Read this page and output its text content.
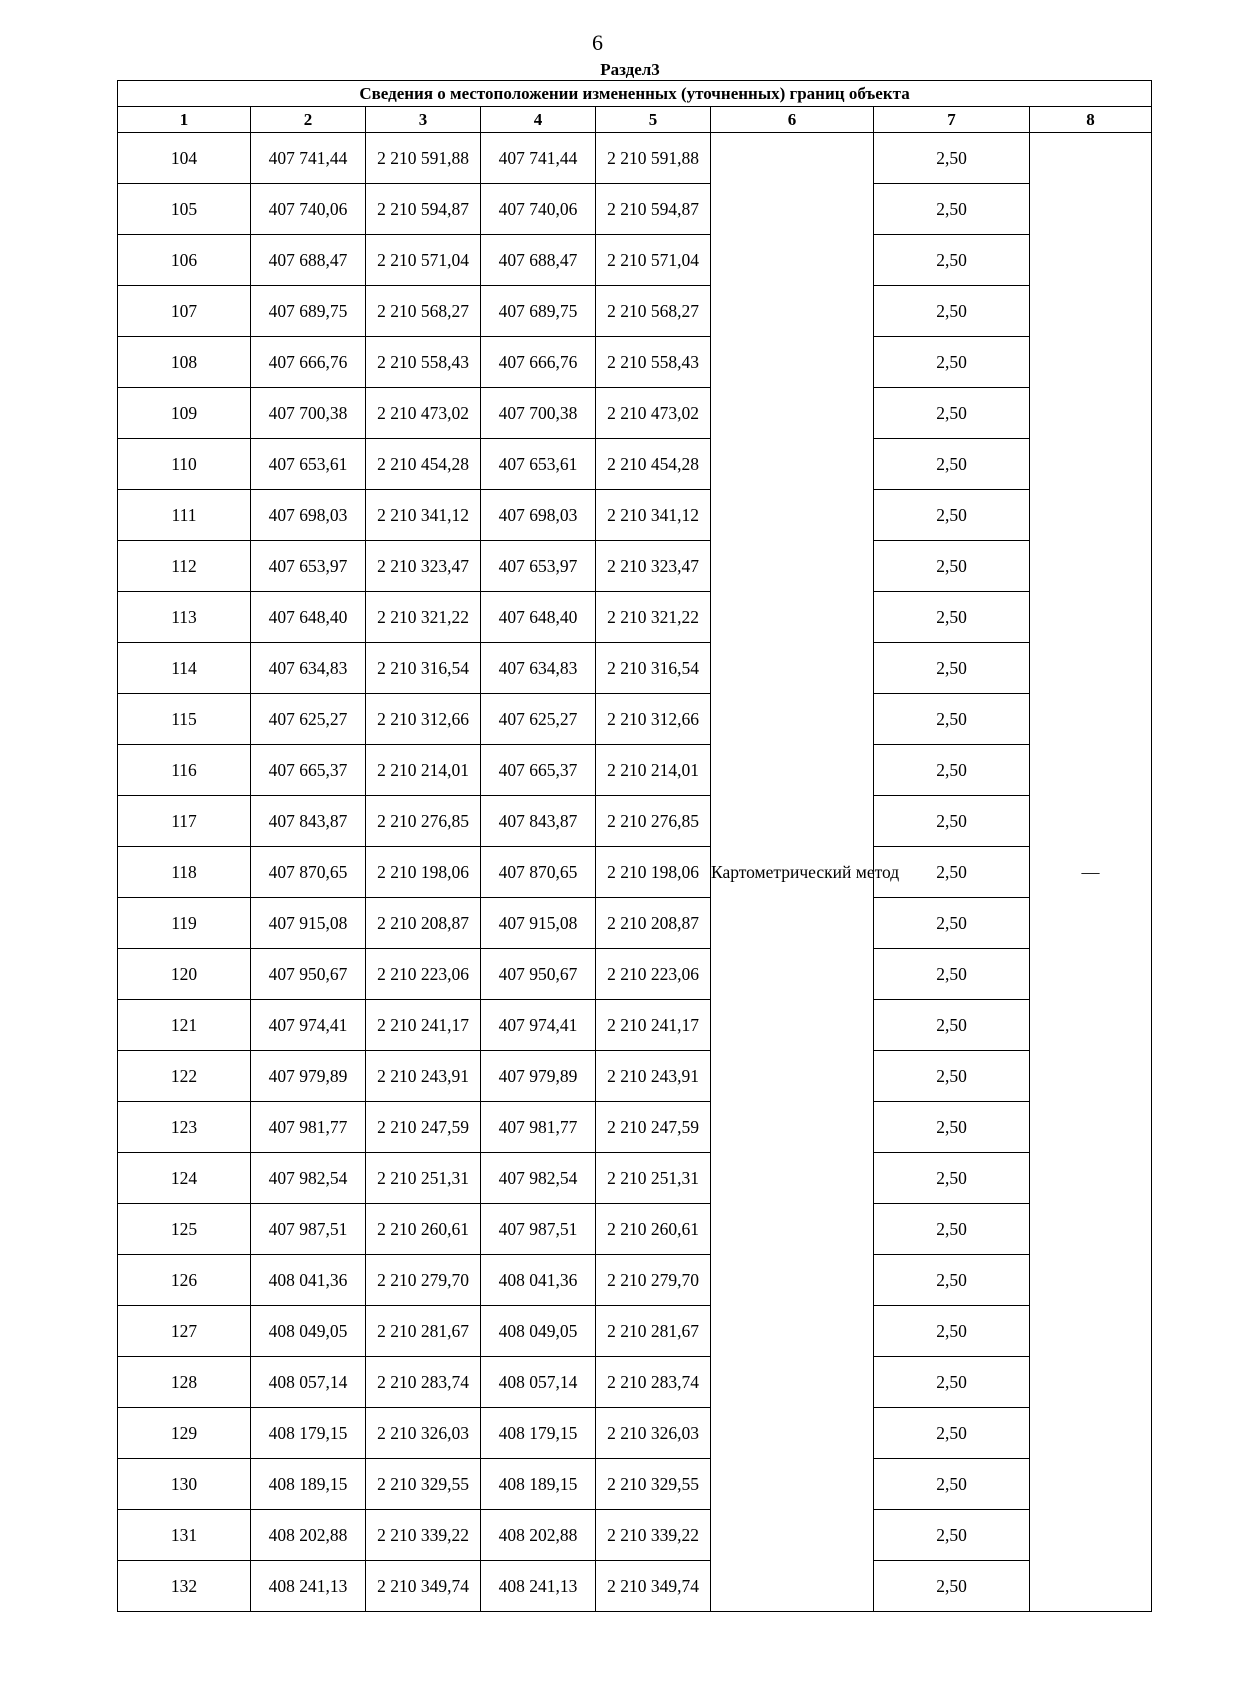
6
Раздел3
Сведения о местоположении измененных (уточненных) границ объекта							
1	2	3	4	5	6	7	8
104	407 741,44	2 210 591,88	407 741,44	2 210 591,88	Картометрический метод	2,50	—
105	407 740,06	2 210 594,87	407 740,06	2 210 594,87		2,50	
106	407 688,47	2 210 571,04	407 688,47	2 210 571,04		2,50	
107	407 689,75	2 210 568,27	407 689,75	2 210 568,27		2,50	
108	407 666,76	2 210 558,43	407 666,76	2 210 558,43		2,50	
109	407 700,38	2 210 473,02	407 700,38	2 210 473,02		2,50	
110	407 653,61	2 210 454,28	407 653,61	2 210 454,28		2,50	
111	407 698,03	2 210 341,12	407 698,03	2 210 341,12		2,50	
112	407 653,97	2 210 323,47	407 653,97	2 210 323,47		2,50	
113	407 648,40	2 210 321,22	407 648,40	2 210 321,22		2,50	
114	407 634,83	2 210 316,54	407 634,83	2 210 316,54		2,50	
115	407 625,27	2 210 312,66	407 625,27	2 210 312,66		2,50	
116	407 665,37	2 210 214,01	407 665,37	2 210 214,01		2,50	
117	407 843,87	2 210 276,85	407 843,87	2 210 276,85		2,50	
118	407 870,65	2 210 198,06	407 870,65	2 210 198,06		2,50	
119	407 915,08	2 210 208,87	407 915,08	2 210 208,87		2,50	
120	407 950,67	2 210 223,06	407 950,67	2 210 223,06		2,50	
121	407 974,41	2 210 241,17	407 974,41	2 210 241,17		2,50	
122	407 979,89	2 210 243,91	407 979,89	2 210 243,91		2,50	
123	407 981,77	2 210 247,59	407 981,77	2 210 247,59		2,50	
124	407 982,54	2 210 251,31	407 982,54	2 210 251,31		2,50	
125	407 987,51	2 210 260,61	407 987,51	2 210 260,61		2,50	
126	408 041,36	2 210 279,70	408 041,36	2 210 279,70		2,50	
127	408 049,05	2 210 281,67	408 049,05	2 210 281,67		2,50	
128	408 057,14	2 210 283,74	408 057,14	2 210 283,74		2,50	
129	408 179,15	2 210 326,03	408 179,15	2 210 326,03		2,50	
130	408 189,15	2 210 329,55	408 189,15	2 210 329,55		2,50	
131	408 202,88	2 210 339,22	408 202,88	2 210 339,22		2,50	
132	408 241,13	2 210 349,74	408 241,13	2 210 349,74		2,50	
